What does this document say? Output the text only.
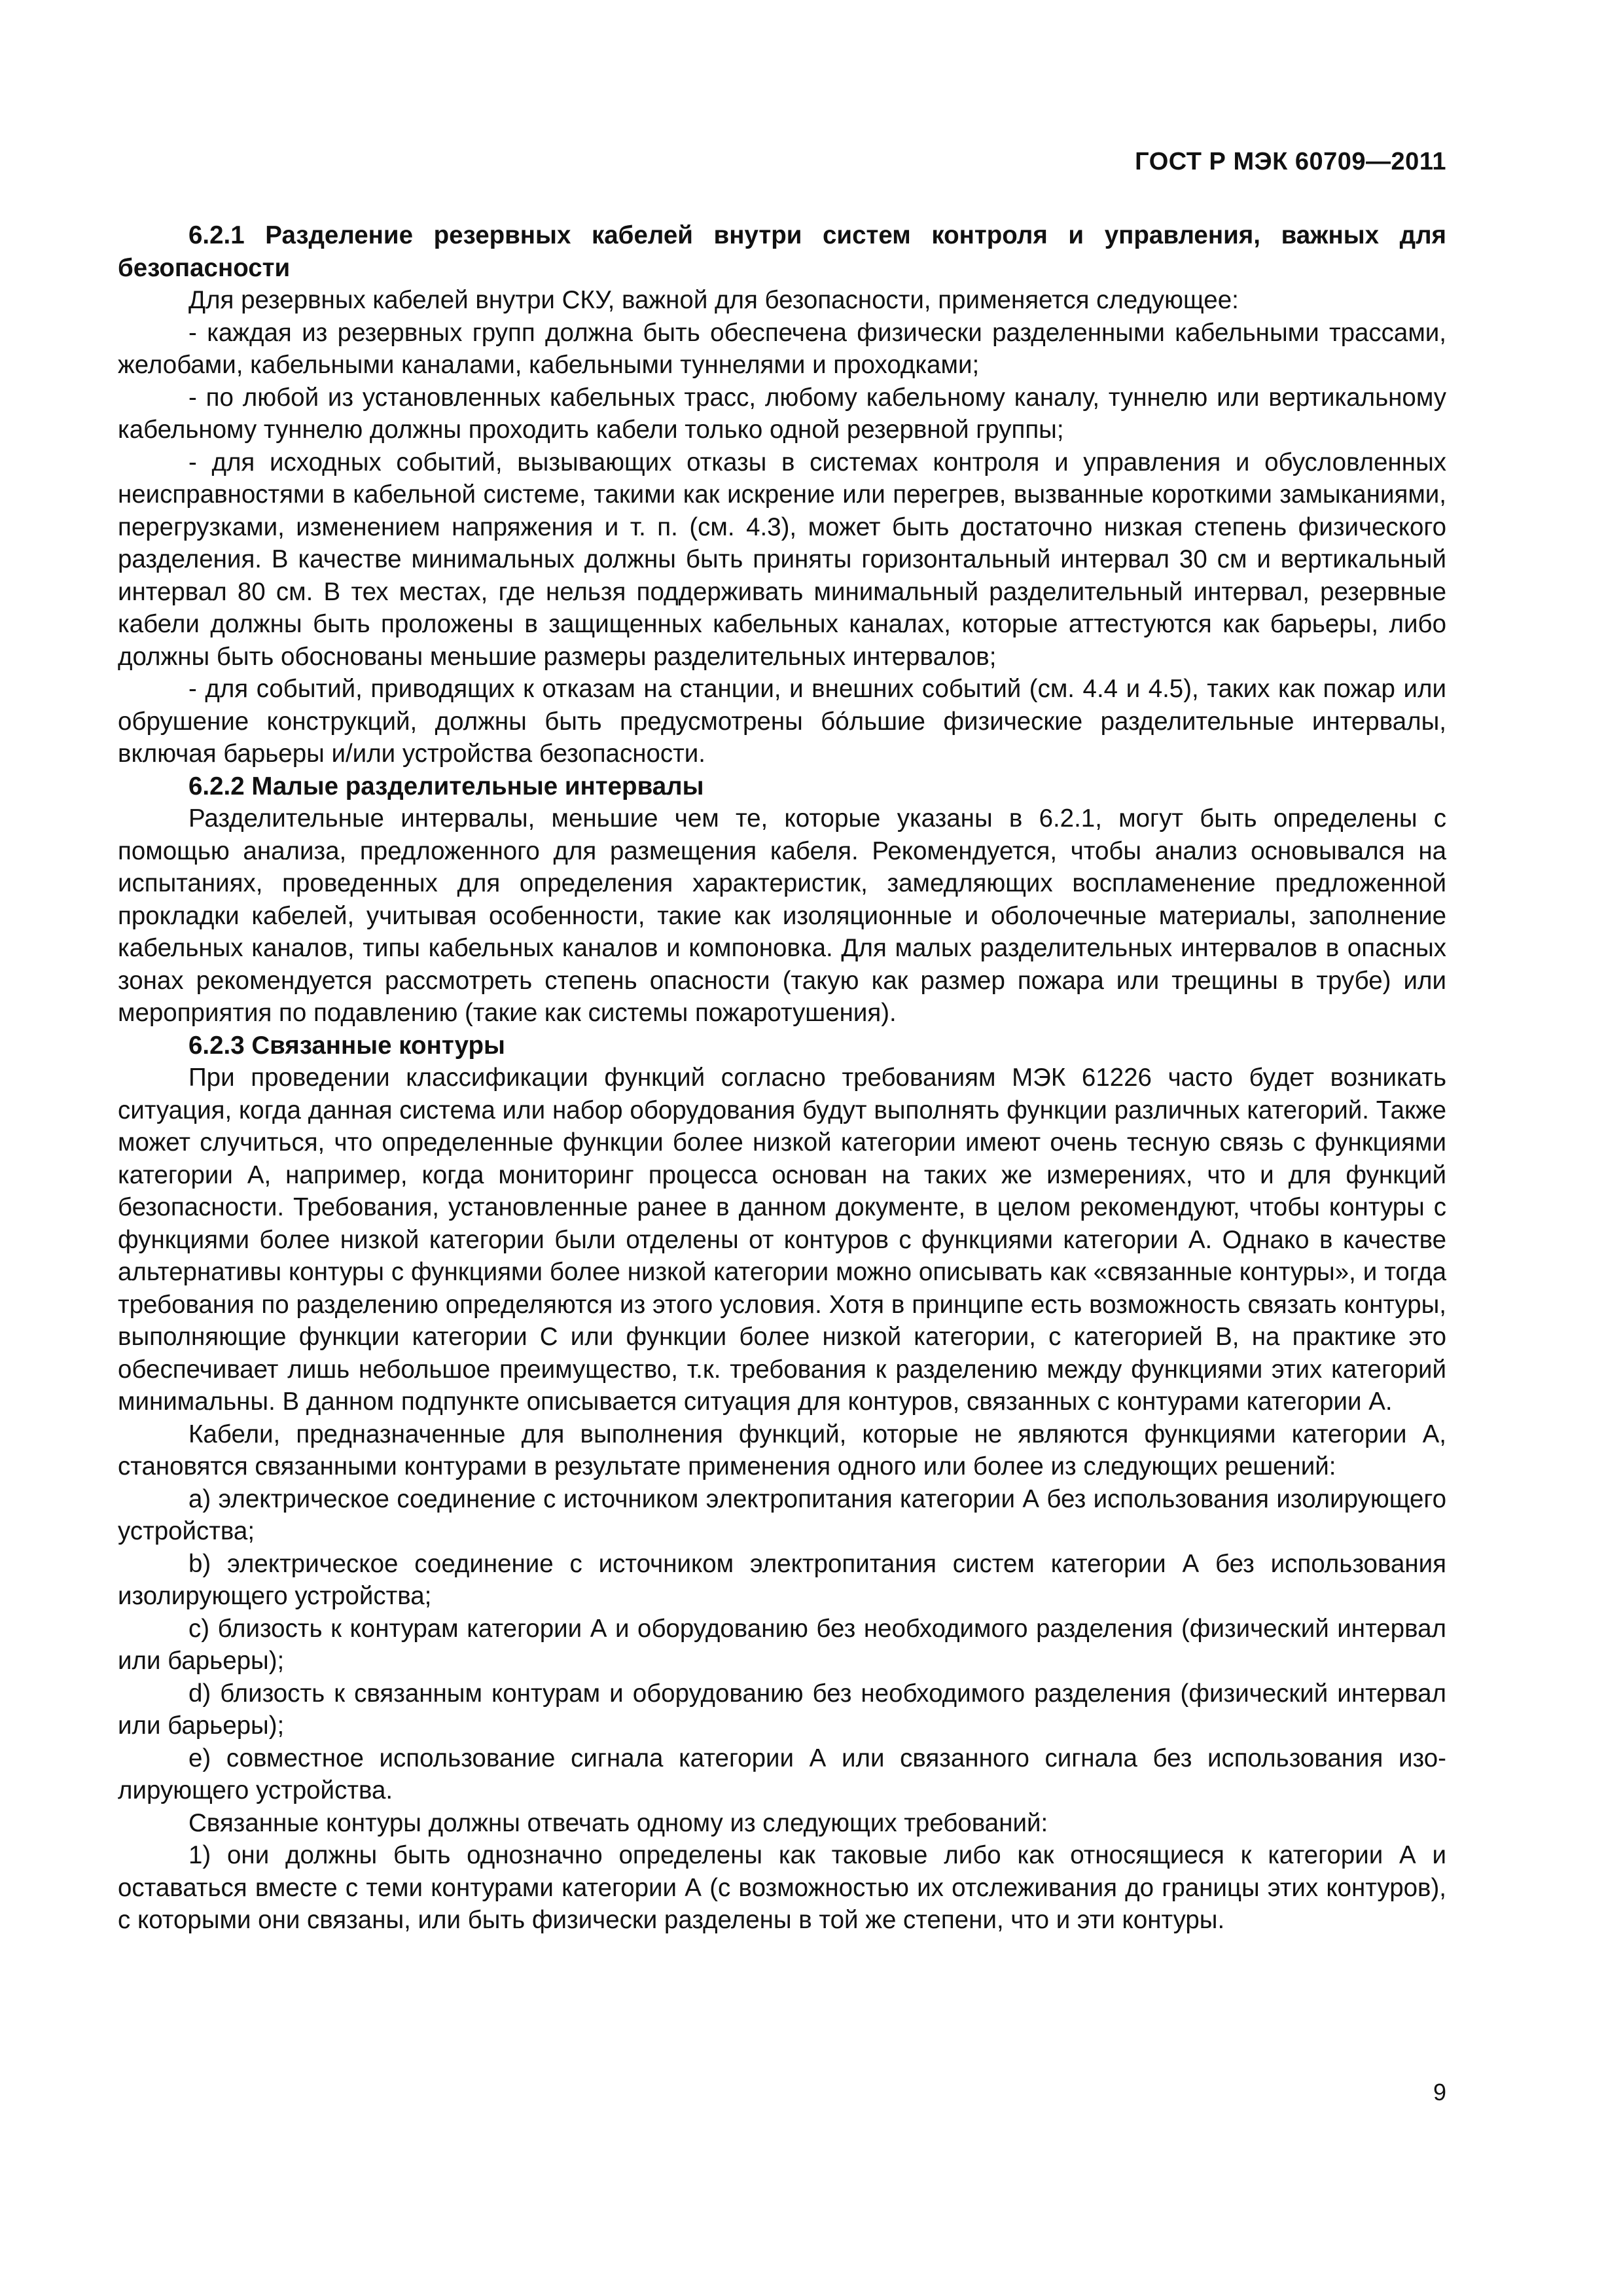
ГОСТ Р МЭК 60709—2011

6.2.1 Разделение резервных кабелей внутри систем контроля и управления, важных для безопасности

Для резервных кабелей внутри СКУ, важной для безопасности, применяется следующее:

- каждая из резервных групп должна быть обеспечена физически разделенными кабельными трассами, желобами, кабельными каналами, кабельными туннелями и проходками;

- по любой из установленных кабельных трасс, любому кабельному каналу, туннелю или вертикальному кабельному туннелю должны проходить кабели только одной резервной группы;

- для исходных событий, вызывающих отказы в системах контроля и управления и обусловленных неисправностями в кабельной системе, такими как искрение или перегрев, вызванные короткими замыканиями, перегрузками, изменением напряжения и т. п. (см. 4.3), может быть достаточно низкая степень физического разделения. В качестве минимальных должны быть приняты горизонтальный интервал 30 см и вертикальный интервал 80 см. В тех местах, где нельзя поддерживать минимальный разделительный интервал, резервные кабели должны быть проложены в защищенных кабельных каналах, которые аттестуются как барьеры, либо должны быть обоснованы меньшие размеры разделительных интервалов;

- для событий, приводящих к отказам на станции, и внешних событий (см. 4.4 и 4.5), таких как пожар или обрушение конструкций, должны быть предусмотрены бо́льшие физические разделительные интервалы, включая барьеры и/или устройства безопасности.

6.2.2 Малые разделительные интервалы

Разделительные интервалы, меньшие чем те, которые указаны в 6.2.1, могут быть определены с помощью анализа, предложенного для размещения кабеля. Рекомендуется, чтобы анализ основывался на испытаниях, проведенных для определения характеристик, замедляющих воспламенение предложенной прокладки кабелей, учитывая особенности, такие как изоляционные и оболочечные материалы, заполнение кабельных каналов, типы кабельных каналов и компоновка. Для малых разделительных интервалов в опасных зонах рекомендуется рассмотреть степень опасности (такую как размер пожара или трещины в трубе) или мероприятия по подавлению (такие как системы пожаротушения).

6.2.3 Связанные контуры

При проведении классификации функций согласно требованиям МЭК 61226 часто будет возникать ситуация, когда данная система или набор оборудования будут выполнять функции различных категорий. Также может случиться, что определенные функции более низкой категории имеют очень тесную связь с функциями категории А, например, когда мониторинг процесса основан на таких же измерениях, что и для функций безопасности. Требования, установленные ранее в данном документе, в целом рекомендуют, чтобы контуры с функциями более низкой категории были отделены от контуров с функциями категории А. Однако в качестве альтернативы контуры с функциями более низкой категории можно описывать как «связанные контуры», и тогда требования по разделению определяются из этого условия. Хотя в принципе есть возможность связать контуры, выполняющие функции категории С или функции более низкой категории, с категорией В, на практике это обеспечивает лишь небольшое преимущество, т.к. требования к разделению между функциями этих категорий минимальны. В данном подпункте описывается ситуация для контуров, связанных с контурами категории А.

Кабели, предназначенные для выполнения функций, которые не являются функциями категории А, становятся связанными контурами в результате применения одного или более из следующих решений:

a) электрическое соединение с источником электропитания категории А без использования изолирующего устройства;

b) электрическое соединение с источником электропитания систем категории А без использования изолирующего устройства;

c) близость к контурам категории А и оборудованию без необходимого разделения (физический интервал или барьеры);

d) близость к связанным контурам и оборудованию без необходимого разделения (физический интервал или барьеры);

e) совместное использование сигнала категории А или связанного сигнала без использования изолирующего устройства.

Связанные контуры должны отвечать одному из следующих требований:

1) они должны быть однозначно определены как таковые либо как относящиеся к категории А и оставаться вместе с теми контурами категории А (с возможностью их отслеживания до границы этих контуров), с которыми они связаны, или быть физически разделены в той же степени, что и эти контуры.

9
